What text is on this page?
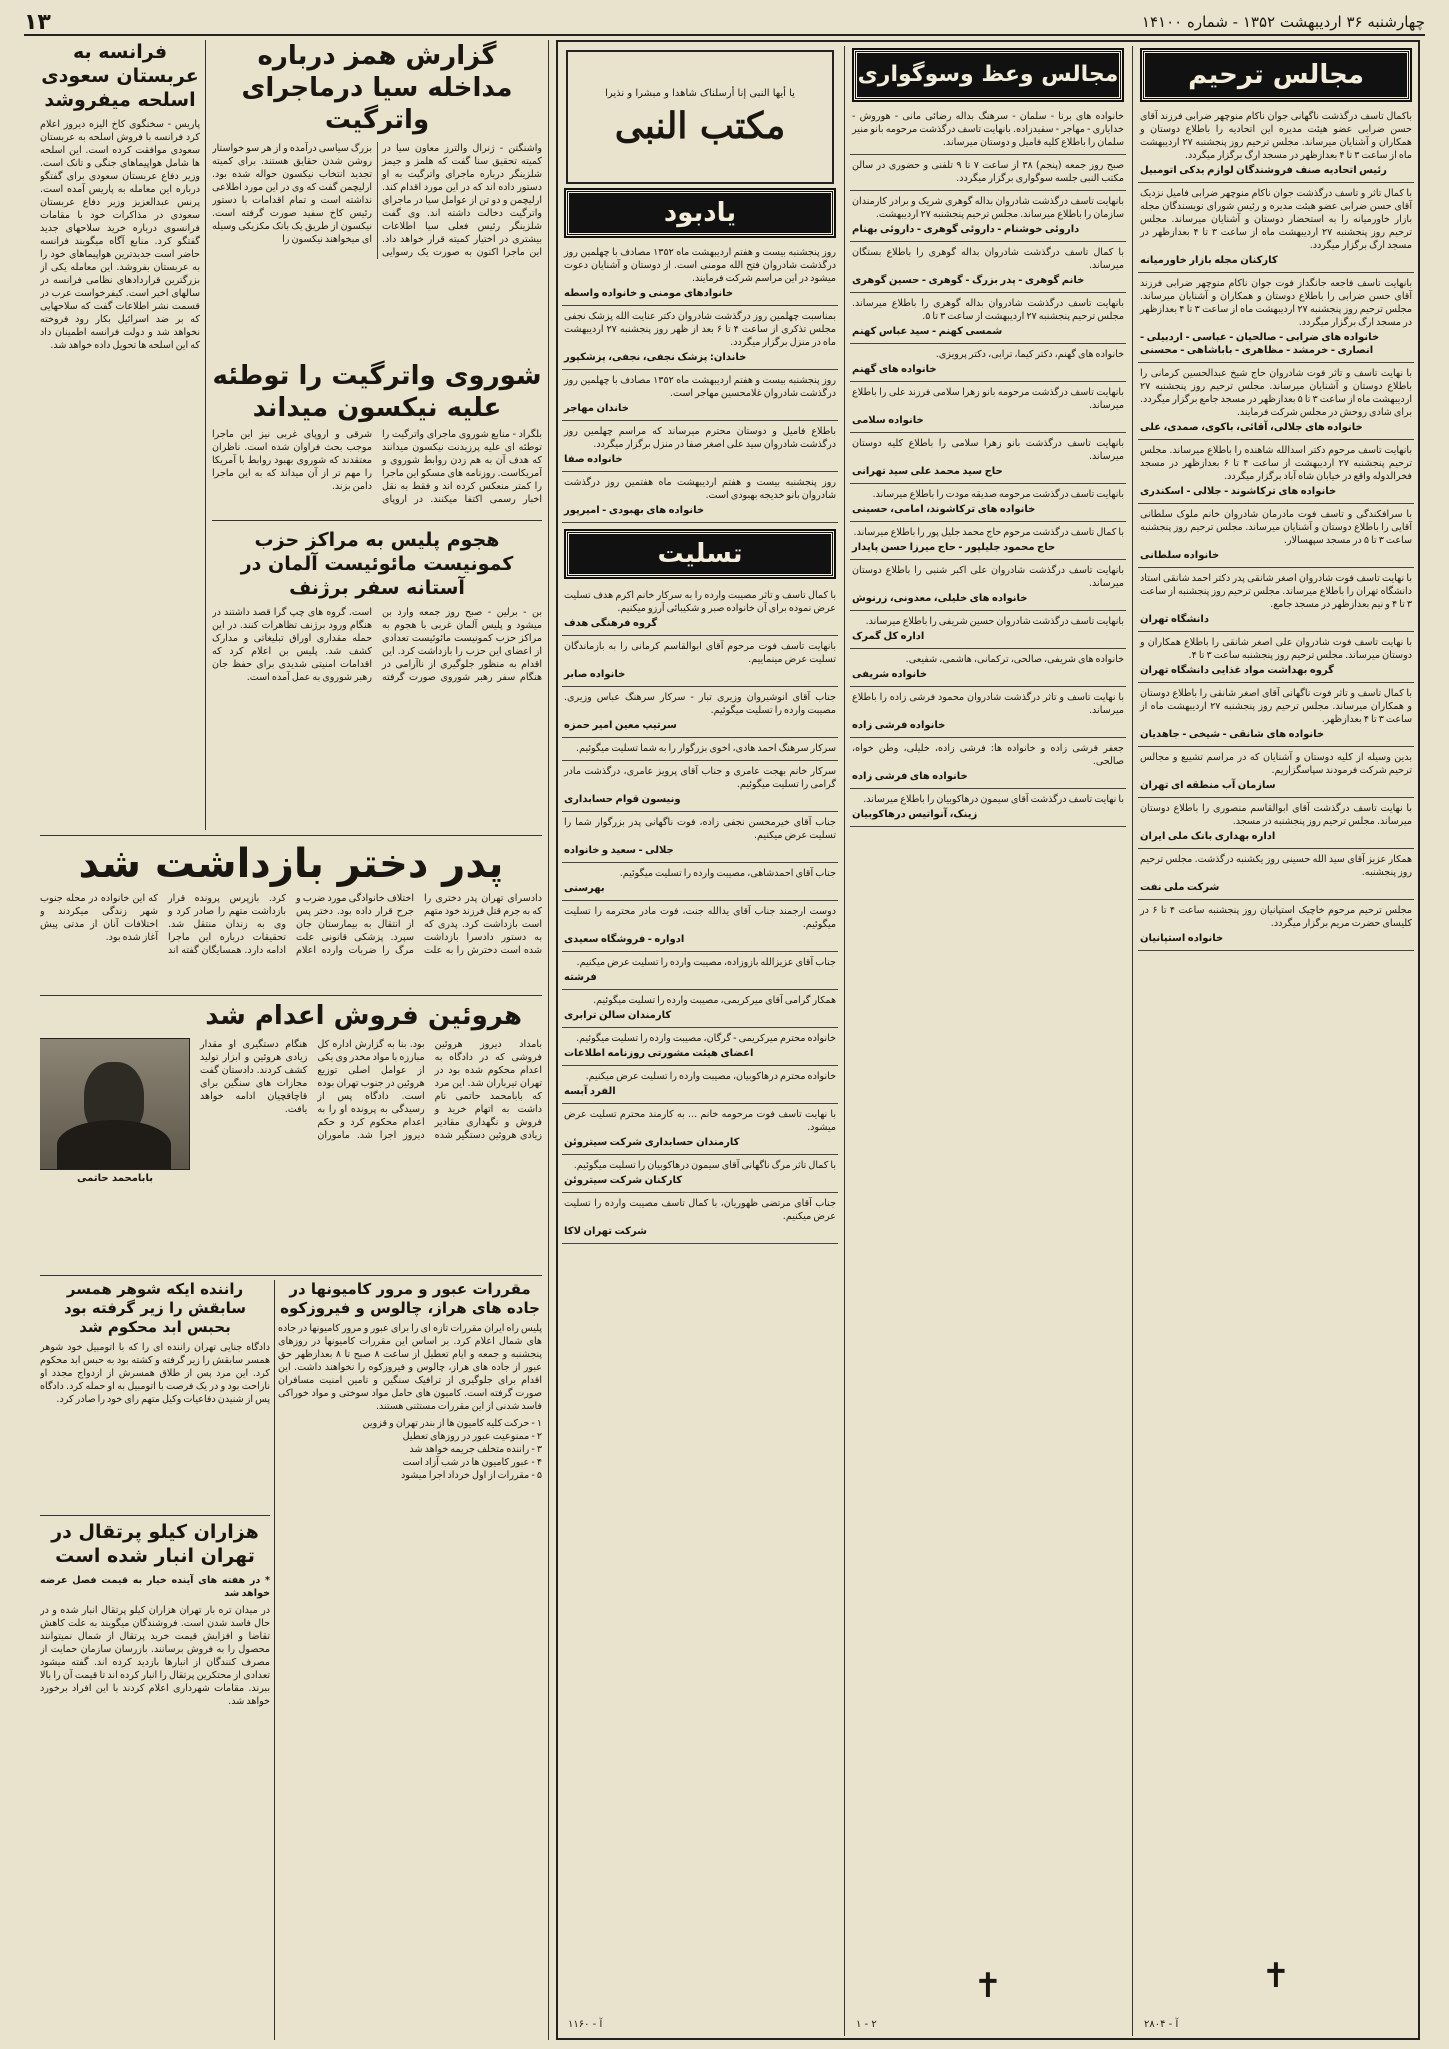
چهارشنبه ۳۶ اردیبهشت ۱۳۵۲ - شماره ۱۴۱۰۰
۱۳
فرانسه به عربستان سعودی اسلحه میفروشد
پاریس - سخنگوی کاخ الیزه دیروز اعلام کرد فرانسه با فروش اسلحه به عربستان سعودی موافقت کرده است. این اسلحه ها شامل هواپیماهای جنگی و تانک است. وزیر دفاع عربستان سعودی برای گفتگو درباره این معامله به پاریس آمده است. پرنس عبدالعزیز وزیر دفاع عربستان سعودی در مذاکرات خود با مقامات فرانسوی درباره خرید سلاحهای جدید گفتگو کرد. منابع آگاه میگویند فرانسه حاضر است جدیدترین هواپیماهای خود را به عربستان بفروشد. این معامله یکی از بزرگترین قراردادهای نظامی فرانسه در سالهای اخیر است. کیفرخواست عرب در قسمت نشر اطلاعات گفت که سلاحهایی که بر ضد اسرائیل بکار رود فروخته نخواهد شد و دولت فرانسه اطمینان داد که این اسلحه ها تحویل داده خواهد شد.
گزارش همز درباره مداخله سیا درماجرای واترگیت
واشنگتن - ژنرال والترز معاون سیا در کمیته تحقیق سنا گفت که هلمز و جیمز شلزینگر درباره ماجرای واترگیت به او دستور داده اند که در این مورد اقدام کند. ارلیچمن و دو تن از عوامل سیا در ماجرای واترگیت دخالت داشته اند. وی گفت شلزینگر رئیس فعلی سیا اطلاعات بیشتری در اختیار کمیته قرار خواهد داد. این ماجرا اکنون به صورت یک رسوایی بزرگ سیاسی درآمده و از هر سو خواستار روشن شدن حقایق هستند. برای کمیته تجدید انتخاب نیکسون حواله شده بود. ارلیچمن گفت که وی در این مورد اطلاعی نداشته است و تمام اقدامات با دستور رئیس کاخ سفید صورت گرفته است. نیکسون از طریق یک بانک مکزیکی وسیله ای میخواهند نیکسون را
شوروی واترگیت را توطئه علیه نیکسون میداند
بلگراد - منابع شوروی ماجرای واترگیت را توطئه ای علیه پرزیدنت نیکسون میدانند که هدف آن به هم زدن روابط شوروی و آمریکاست. روزنامه های مسکو این ماجرا را کمتر منعکس کرده اند و فقط به نقل اخبار رسمی اکتفا میکنند. در اروپای شرقی و اروپای غربی نیز این ماجرا موجب بحث فراوان شده است. ناظران معتقدند که شوروی بهبود روابط با آمریکا را مهم تر از آن میداند که به این ماجرا دامن بزند.
هجوم پلیس به مراکز حزب کمونیست مائوئیست آلمان در آستانه سفر برژنف
بن - برلین - صبح روز جمعه وارد بن میشود و پلیس آلمان غربی با هجوم به مراکز حزب کمونیست مائوئیست تعدادی از اعضای این حزب را بازداشت کرد. این اقدام به منظور جلوگیری از ناآرامی در هنگام سفر رهبر شوروی صورت گرفته است. گروه های چپ گرا قصد داشتند در هنگام ورود برژنف تظاهرات کنند. در این حمله مقداری اوراق تبلیغاتی و مدارک کشف شد. پلیس بن اعلام کرد که اقدامات امنیتی شدیدی برای حفظ جان رهبر شوروی به عمل آمده است.
پدر دختر بازداشت شد
دادسرای تهران پدر دختری را که به جرم قتل فرزند خود متهم است بازداشت کرد. پدری که به دستور دادسرا بازداشت شده است دخترش را به علت اختلاف خانوادگی مورد ضرب و جرح قرار داده بود. دختر پس از انتقال به بیمارستان جان سپرد. پزشکی قانونی علت مرگ را ضربات وارده اعلام کرد. بازپرس پرونده قرار بازداشت متهم را صادر کرد و وی به زندان منتقل شد. تحقیقات درباره این ماجرا ادامه دارد. همسایگان گفته اند که این خانواده در محله جنوب شهر زندگی میکردند و اختلافات آنان از مدتی پیش آغاز شده بود.
هروئین فروش اعدام شد
بامداد دیروز هروئین فروشی که در دادگاه به اعدام محکوم شده بود در تهران تیرباران شد. این مرد که بابامحمد حاتمی نام داشت به اتهام خرید و فروش و نگهداری مقادیر زیادی هروئین دستگیر شده بود. بنا به گزارش اداره کل مبارزه با مواد مخدر وی یکی از عوامل اصلی توزیع هروئین در جنوب تهران بوده است. دادگاه پس از رسیدگی به پرونده او را به اعدام محکوم کرد و حکم دیروز اجرا شد. ماموران هنگام دستگیری او مقدار زیادی هروئین و ابزار تولید کشف کردند. دادستان گفت مجازات های سنگین برای قاچاقچیان ادامه خواهد یافت.
بابامحمد حاتمی
راننده ایکه شوهر همسر سابقش را زیر گرفته بود بحبس ابد محکوم شد
دادگاه جنایی تهران راننده ای را که با اتومبیل خود شوهر همسر سابقش را زیر گرفته و کشته بود به حبس ابد محکوم کرد. این مرد پس از طلاق همسرش از ازدواج مجدد او ناراحت بود و در یک فرصت با اتومبیل به او حمله کرد. دادگاه پس از شنیدن دفاعیات وکیل متهم رای خود را صادر کرد.
مقررات عبور و مرور کامیونها در جاده های هراز، چالوس و فیروزکوه
پلیس راه ایران مقررات تازه ای را برای عبور و مرور کامیونها در جاده های شمال اعلام کرد. بر اساس این مقررات کامیونها در روزهای پنجشنبه و جمعه و ایام تعطیل از ساعت ۸ صبح تا ۸ بعدازظهر حق عبور از جاده های هراز، چالوس و فیروزکوه را نخواهند داشت. این اقدام برای جلوگیری از ترافیک سنگین و تامین امنیت مسافران صورت گرفته است. کامیون های حامل مواد سوختی و مواد خوراکی فاسد شدنی از این مقررات مستثنی هستند.
۱ - حرکت کلیه کامیون ها از بندر تهران و قزوین
۲ - ممنوعیت عبور در روزهای تعطیل
۳ - راننده متخلف جریمه خواهد شد
۴ - عبور کامیون ها در شب آزاد است
۵ - مقررات از اول خرداد اجرا میشود
هزاران کیلو پرتقال در تهران انبار شده است
* در هفته های آینده خیار به قیمت فصل عرضه خواهد شد
در میدان تره بار تهران هزاران کیلو پرتقال انبار شده و در حال فاسد شدن است. فروشندگان میگویند به علت کاهش تقاضا و افزایش قیمت خرید پرتقال از شمال نمیتوانند محصول را به فروش برسانند. بازرسان سازمان حمایت از مصرف کنندگان از انبارها بازدید کرده اند. گفته میشود تعدادی از محتکرین پرتقال را انبار کرده اند تا قیمت آن را بالا ببرند. مقامات شهرداری اعلام کردند با این افراد برخورد خواهد شد.
مجالس ترحیم

باکمال تاسف درگذشت ناگهانی جوان ناکام منوچهر ضرابی فرزند آقای حسن ضرابی عضو هیئت مدیره این اتحادیه را باطلاع دوستان و همکاران و آشنایان میرساند. مجلس ترحیم روز پنجشنبه ۲۷ اردیبهشت ماه از ساعت ۳ تا ۴ بعدازظهر در مسجد ارگ برگزار میگردد.

رئیس اتحادیه صنف فروشندگان لوازم یدکی اتومبیل

با کمال تاثر و تاسف درگذشت جوان ناکام منوچهر ضرابی فامیل نزدیک آقای حسن ضرابی عضو هیئت مدیره و رئیس شورای نویسندگان مجله بازار خاورمیانه را به استحضار دوستان و آشنایان میرساند. مجلس ترحیم روز پنجشنبه ۲۷ اردیبهشت ماه از ساعت ۳ تا ۴ بعدازظهر در مسجد ارگ برگزار میگردد.

کارکنان مجله بازار خاورمیانه

بانهایت تاسف فاجعه جانگداز فوت جوان ناکام منوچهر ضرابی فرزند آقای حسن ضرابی را باطلاع دوستان و همکاران و آشنایان میرساند. مجلس ترحیم روز پنجشنبه ۲۷ اردیبهشت ماه از ساعت ۳ تا ۴ بعدازظهر در مسجد ارگ برگزار میگردد.

خانواده های ضرابی - صالحیان - عباسی - اردبیلی - انصاری - خرمشد - مظاهری - باباشاهی - محسنی

با نهایت تاسف و تاثر فوت شادروان حاج شیخ عبدالحسین کرمانی را باطلاع دوستان و آشنایان میرساند. مجلس ترحیم روز پنجشنبه ۲۷ اردیبهشت ماه از ساعت ۳ تا ۵ بعدازظهر در مسجد جامع برگزار میگردد. برای شادی روحش در مجلس شرکت فرمایند.

خانواده های جلالی، آقائی، باکوی، صمدی، علی

بانهایت تاسف مرحوم دکتر اسدالله شاهنده را باطلاع میرساند. مجلس ترحیم پنجشنبه ۲۷ اردیبهشت از ساعت ۴ تا ۶ بعدازظهر در مسجد فخرالدوله واقع در خیابان شاه آباد برگزار میگردد.

خانواده های ترکاشوند - جلالی - اسکندری

با سرافکندگی و تاسف فوت مادرمان شادروان خانم ملوک سلطانی آقایی را باطلاع دوستان و آشنایان میرساند. مجلس ترحیم روز پنجشنبه ساعت ۳ تا ۵ در مسجد سپهسالار.

خانواده سلطانی

با نهایت تاسف فوت شادروان اصغر شانقی پدر دکتر احمد شانقی استاد دانشگاه تهران را باطلاع میرساند. مجلس ترحیم روز پنجشنبه از ساعت ۳ تا ۴ و نیم بعدازظهر در مسجد جامع.

دانشگاه تهران

با نهایت تاسف فوت شادروان علی اصغر شانقی را باطلاع همکاران و دوستان میرساند. مجلس ترحیم روز پنجشنبه ساعت ۳ تا ۴.

گروه بهداشت مواد غذایی دانشگاه تهران

با کمال تاسف و تاثر فوت ناگهانی آقای اصغر شانقی را باطلاع دوستان و همکاران میرساند. مجلس ترحیم روز پنجشنبه ۲۷ اردیبهشت ماه از ساعت ۳ تا ۴ بعدازظهر.

خانواده های شانقی - شیخی - جاهدیان

بدین وسیله از کلیه دوستان و آشنایان که در مراسم تشییع و مجالس ترحیم شرکت فرمودند سپاسگزاریم.

سازمان آب منطقه ای تهران

با نهایت تاسف درگذشت آقای ابوالقاسم منصوری را باطلاع دوستان میرساند. مجلس ترحیم روز پنجشنبه در مسجد.

اداره بهداری بانک ملی ایران

همکار عزیز آقای سید الله حسینی روز یکشنبه درگذشت. مجلس ترحیم روز پنجشنبه.

شرکت ملی نفت

مجلس ترحیم مرحوم خاچیک استپانیان روز پنجشنبه ساعت ۴ تا ۶ در کلیسای حضرت مریم برگزار میگردد.

خانواده استپانیان
✝
آ - ۲۸۰۴
مجالس وعظ وسوگواری

خانواده های برنا - سلمان - سرهنگ بداله رضائی مانی - هوروش - خدایاری - مهاجر - سفیدزاده. بانهایت تاسف درگذشت مرحومه بانو منیر سلمان را باطلاع کلیه فامیل و دوستان میرساند.

صبح روز جمعه (پنجم) ۳۸ از ساعت ۷ تا ۹ تلفنی و حضوری در سالن مکتب النبی جلسه سوگواری برگزار میگردد.

بانهایت تاسف درگذشت شادروان بداله گوهری شریک و برادر کارمندان سازمان را باطلاع میرساند. مجلس ترحیم پنجشنبه ۲۷ اردیبهشت.

داروئی خوشنام - داروئی گوهری - داروئی بهنام

با کمال تاسف درگذشت شادروان بداله گوهری را باطلاع بستگان میرساند.

خانم گوهری - پدر بزرگ - گوهری - حسین گوهری

بانهایت تاسف درگذشت شادروان بداله گوهری را باطلاع میرساند. مجلس ترحیم پنجشنبه ۲۷ اردیبهشت از ساعت ۳ تا ۵.

شمسی کهنم - سید عباس کهنم

خانواده های گهنم، دکتر کیما، ترابی، دکتر پرویزی.

خانواده های گهنم

بانهایت تاسف درگذشت مرحومه بانو زهرا سلامی فرزند علی را باطلاع میرساند.

خانواده سلامی

بانهایت تاسف درگذشت بانو زهرا سلامی را باطلاع کلیه دوستان میرساند.

حاج سید محمد علی سید تهرانی

بانهایت تاسف درگذشت مرحومه صدیقه مودت را باطلاع میرساند.

خانواده های ترکاشوند، امامی، حسینی

با کمال تاسف درگذشت مرحوم حاج محمد جلیل پور را باطلاع میرساند.

حاج محمود جلیلپور - حاج میرزا حسن پایدار

بانهایت تاسف درگذشت شادروان علی اکبر شنبی را باطلاع دوستان میرساند.

خانواده های خلیلی، معدونی، زرنوش

بانهایت تاسف درگذشت شادروان حسین شریفی را باطلاع میرساند.

اداره کل گمرک

خانواده های شریفی، صالحی، ترکمانی، هاشمی، شفیعی.

خانواده شریفی

با نهایت تاسف و تاثر درگذشت شادروان محمود فرشی زاده را باطلاع میرساند.

خانواده فرشی زاده

جعفر فرشی زاده و خانواده ها: فرشی زاده، خلیلی، وطن خواه، صالحی.

خانواده های فرشی زاده

با نهایت تاسف درگذشت آقای سیمون درهاکوبیان را باطلاع میرساند.

زینک، آنواتیس درهاکوبیان
✝
۲ - ۱
یا أیها النبی إنا أرسلناک شاهدا و مبشرا و نذیرا
مکتب النبی
یادبود

روز پنجشنبه بیست و هفتم اردیبهشت ماه ۱۳۵۲ مصادف با چهلمین روز درگذشت شادروان فتح الله مومنی است. از دوستان و آشنایان دعوت میشود در این مراسم شرکت فرمایند.

خانوادهای مومنی و خانواده واسطه

بمناسبت چهلمین روز درگذشت شادروان دکتر عنایت الله پزشک نجفی مجلس تذکری از ساعت ۴ تا ۶ بعد از ظهر روز پنجشنبه ۲۷ اردیبهشت ماه در منزل برگزار میگردد.

خاندان: پزشک نجفی، نجفی، پزشکپور

روز پنجشنبه بیست و هفتم اردیبهشت ماه ۱۳۵۲ مصادف با چهلمین روز درگذشت شادروان غلامحسین مهاجر است.

خاندان مهاجر

باطلاع فامیل و دوستان محترم میرساند که مراسم چهلمین روز درگذشت شادروان سید علی اصغر صفا در منزل برگزار میگردد.

خانواده صفا

روز پنجشنبه بیست و هفتم اردیبهشت ماه هفتمین روز درگذشت شادروان بانو خدیجه بهبودی است.

خانواده های بهبودی - امیرپور
تسلیت

با کمال تاسف و تاثر مصیبت وارده را به سرکار خانم اکرم هدف تسلیت عرض نموده برای آن خانواده صبر و شکیبائی آرزو میکنیم.

گروه فرهنگی هدف

بانهایت تاسف فوت مرحوم آقای ابوالقاسم کرمانی را به بازماندگان تسلیت عرض مینماییم.

خانواده صابر

جناب آقای انوشیروان وزیری تبار - سرکار سرهنگ عباس وزیری. مصیبت وارده را تسلیت میگوئیم.

سرتیپ معین امیر حمزه

سرکار سرهنگ احمد هادی، اخوی بزرگوار را به شما تسلیت میگوئیم.

سرکار خانم بهجت عامری و جناب آقای پرویز عامری، درگذشت مادر گرامی را تسلیت میگوئیم.

ونیسون قوام حسابداری

جناب آقای خیرمحسن نجفی زاده، فوت ناگهانی پدر بزرگوار شما را تسلیت عرض میکنیم.

جلالی - سعید و خانواده

جناب آقای احمدشاهی، مصیبت وارده را تسلیت میگوئیم.

بهرسنی

دوست ارجمند جناب آقای یدالله جنت، فوت مادر محترمه را تسلیت میگوئیم.

ادواره - فروشگاه سعیدی

جناب آقای عزیزالله بازوزاده، مصیبت وارده را تسلیت عرض میکنیم.

فرشته

همکار گرامی آقای میرکریمی، مصیبت وارده را تسلیت میگوئیم.

کارمندان سالن ترابری

خانواده محترم میرکریمی - گرگان، مصیبت وارده را تسلیت میگوئیم.

اعضای هیئت مشورتی روزنامه اطلاعات

خانواده محترم درهاکوبیان، مصیبت وارده را تسلیت عرض میکنیم.

الفرد آبسه

با نهایت تاسف فوت مرحومه خانم ... به کارمند محترم تسلیت عرض میشود.

کارمندان حسابداری شرکت سیتروئن

با کمال تاثر مرگ ناگهانی آقای سیمون درهاکوبیان را تسلیت میگوئیم.

کارکنان شرکت سیتروئن

جناب آقای مرتضی ظهوریان، با کمال تاسف مصیبت وارده را تسلیت عرض میکنیم.

شرکت تهران لاکا
آ - ۱۱۶۰
